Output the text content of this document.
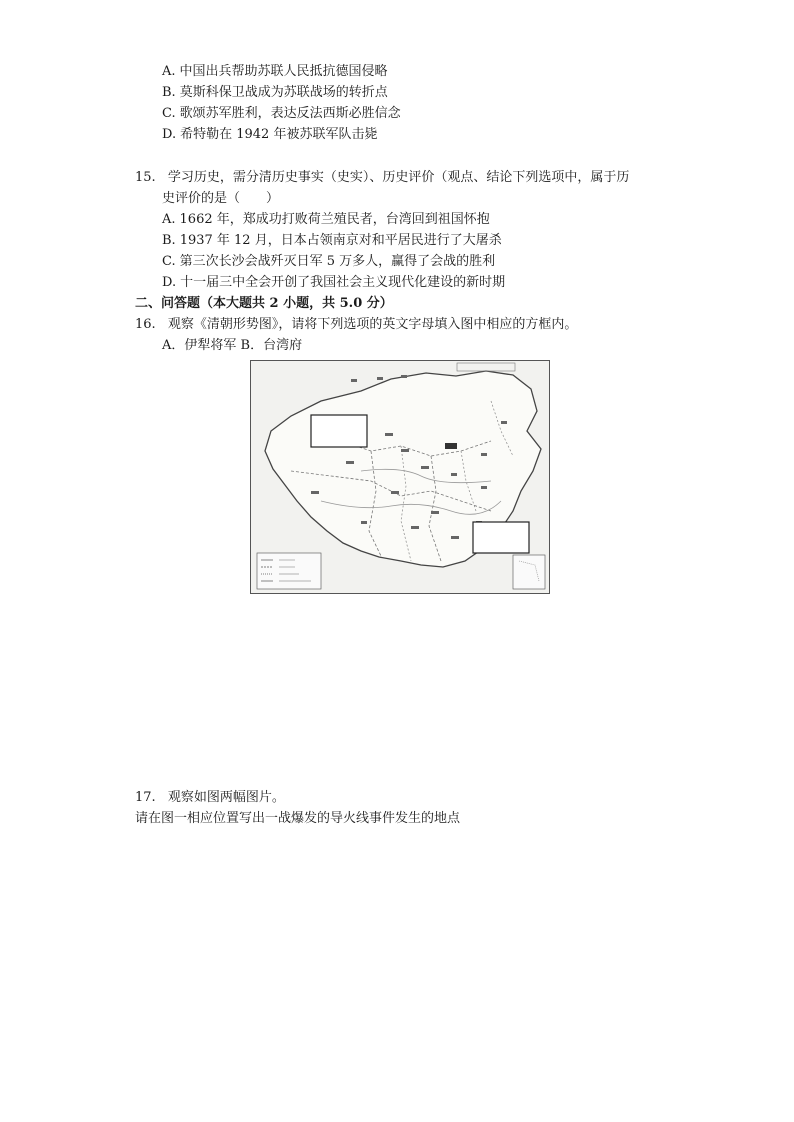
A. 中国出兵帮助苏联人民抵抗德国侵略
B. 莫斯科保卫战成为苏联战场的转折点
C. 歌颂苏军胜利，表达反法西斯必胜信念
D. 希特勒在 1942 年被苏联军队击毙
15. 学习历史，需分清历史事实（史实）、历史评价（观点、结论下列选项中，属于历
史评价的是（　　）
A. 1662 年，郑成功打败荷兰殖民者，台湾回到祖国怀抱
B. 1937 年 12 月，日本占领南京对和平居民进行了大屠杀
C. 第三次长沙会战歼灭日军 5 万多人，赢得了会战的胜利
D. 十一届三中全会开创了我国社会主义现代化建设的新时期
二、问答题（本大题共 2 小题，共 5.0 分）
16. 观察《清朝形势图》，请将下列选项的英文字母填入图中相应的方框内。
A．伊犁将军 B．台湾府
17. 观察如图两幅图片。
请在图一相应位置写出一战爆发的导火线事件发生的地点
